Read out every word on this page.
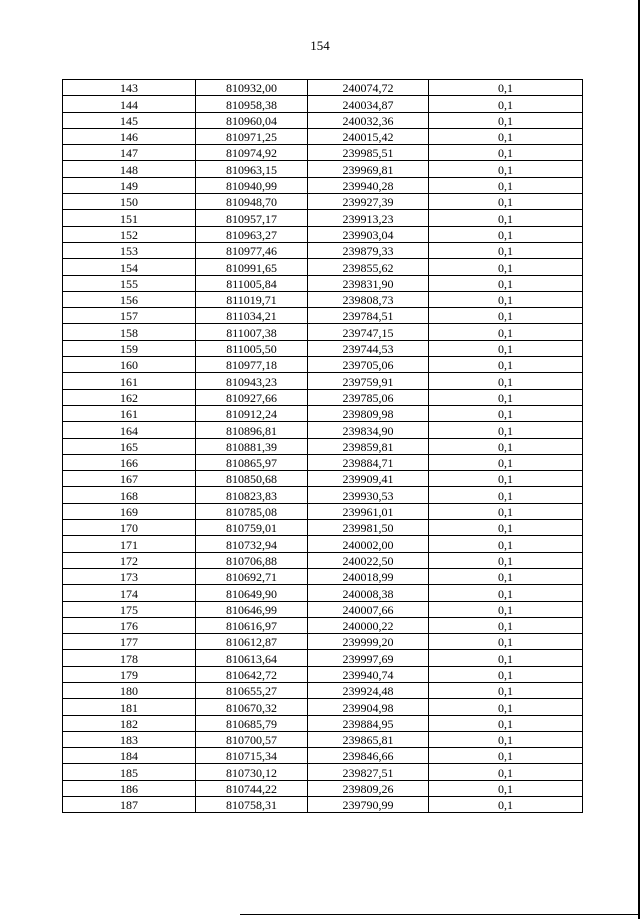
154
143	810932,00	240074,72	0,1
144	810958,38	240034,87	0,1
145	810960,04	240032,36	0,1
146	810971,25	240015,42	0,1
147	810974,92	239985,51	0,1
148	810963,15	239969,81	0,1
149	810940,99	239940,28	0,1
150	810948,70	239927,39	0,1
151	810957,17	239913,23	0,1
152	810963,27	239903,04	0,1
153	810977,46	239879,33	0,1
154	810991,65	239855,62	0,1
155	811005,84	239831,90	0,1
156	811019,71	239808,73	0,1
157	811034,21	239784,51	0,1
158	811007,38	239747,15	0,1
159	811005,50	239744,53	0,1
160	810977,18	239705,06	0,1
161	810943,23	239759,91	0,1
162	810927,66	239785,06	0,1
161	810912,24	239809,98	0,1
164	810896,81	239834,90	0,1
165	810881,39	239859,81	0,1
166	810865,97	239884,71	0,1
167	810850,68	239909,41	0,1
168	810823,83	239930,53	0,1
169	810785,08	239961,01	0,1
170	810759,01	239981,50	0,1
171	810732,94	240002,00	0,1
172	810706,88	240022,50	0,1
173	810692,71	240018,99	0,1
174	810649,90	240008,38	0,1
175	810646,99	240007,66	0,1
176	810616,97	240000,22	0,1
177	810612,87	239999,20	0,1
178	810613,64	239997,69	0,1
179	810642,72	239940,74	0,1
180	810655,27	239924,48	0,1
181	810670,32	239904,98	0,1
182	810685,79	239884,95	0,1
183	810700,57	239865,81	0,1
184	810715,34	239846,66	0,1
185	810730,12	239827,51	0,1
186	810744,22	239809,26	0,1
187	810758,31	239790,99	0,1
